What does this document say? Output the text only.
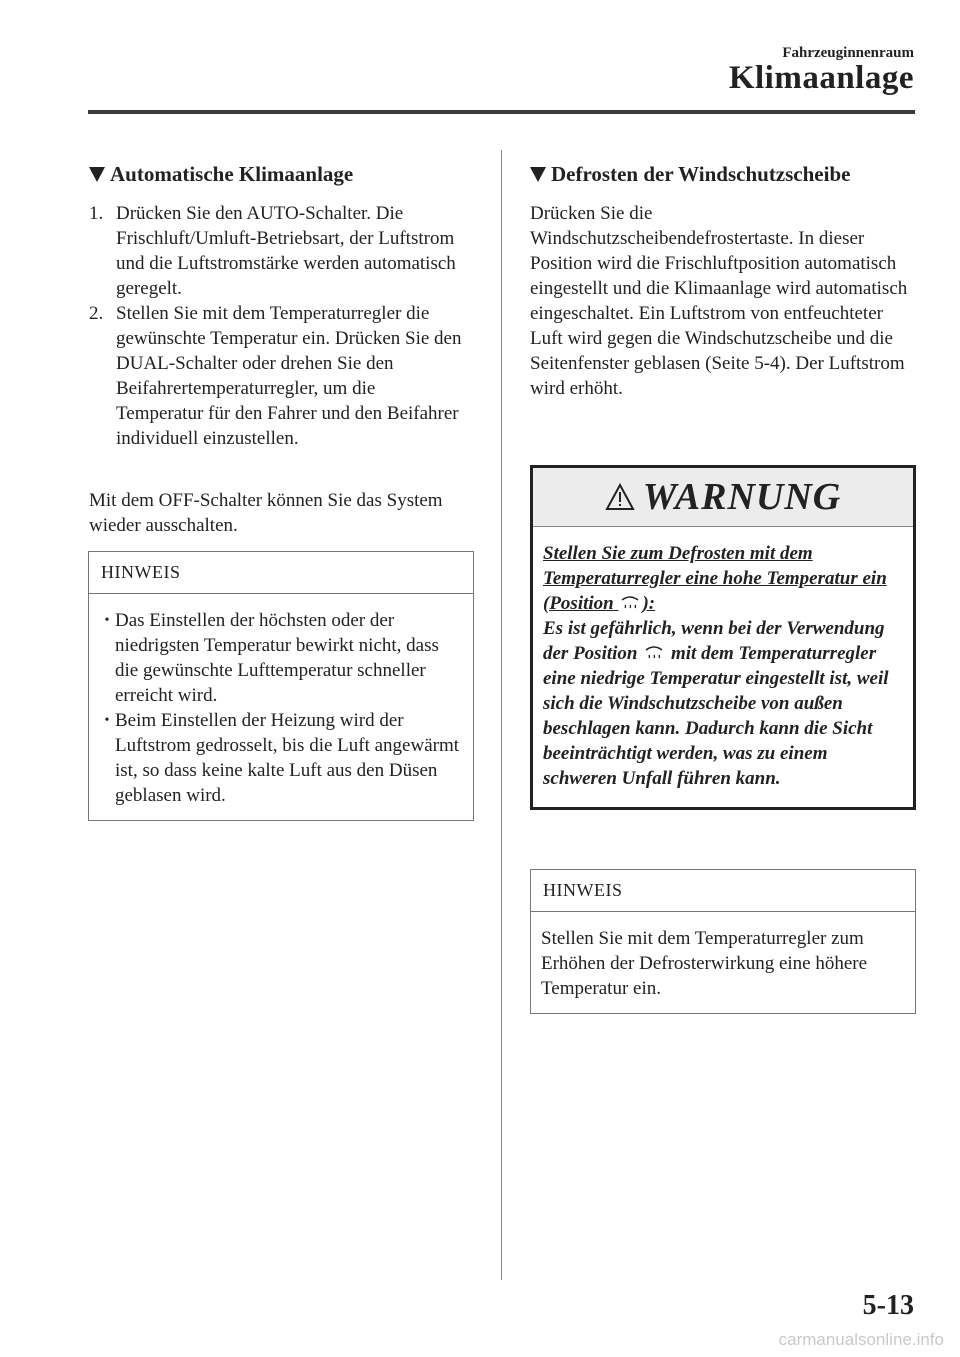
Fahrzeuginnenraum
Klimaanlage
Automatische Klimaanlage
1. Drücken Sie den AUTO-Schalter. Die Frischluft/Umluft-Betriebsart, der Luftstrom und die Luftstromstärke werden automatisch geregelt.
2. Stellen Sie mit dem Temperaturregler die gewünschte Temperatur ein. Drücken Sie den DUAL-Schalter oder drehen Sie den Beifahrertemperaturregler, um die Temperatur für den Fahrer und den Beifahrer individuell einzustellen.
Mit dem OFF-Schalter können Sie das System wieder ausschalten.
HINWEIS
• Das Einstellen der höchsten oder der niedrigsten Temperatur bewirkt nicht, dass die gewünschte Lufttemperatur schneller erreicht wird.
• Beim Einstellen der Heizung wird der Luftstrom gedrosselt, bis die Luft angewärmt ist, so dass keine kalte Luft aus den Düsen geblasen wird.
Defrosten der Windschutzscheibe
Drücken Sie die Windschutzscheibendefrostertaste. In dieser Position wird die Frischluftposition automatisch eingestellt und die Klimaanlage wird automatisch eingeschaltet. Ein Luftstrom von entfeuchteter Luft wird gegen die Windschutzscheibe und die Seitenfenster geblasen (Seite 5-4). Der Luftstrom wird erhöht.
WARNUNG
Stellen Sie zum Defrosten mit dem Temperaturregler eine hohe Temperatur ein (Position ):
Es ist gefährlich, wenn bei der Verwendung der Position mit dem Temperaturregler eine niedrige Temperatur eingestellt ist, weil sich die Windschutzscheibe von außen beschlagen kann. Dadurch kann die Sicht beeinträchtigt werden, was zu einem schweren Unfall führen kann.
HINWEIS
Stellen Sie mit dem Temperaturregler zum Erhöhen der Defrosterwirkung eine höhere Temperatur ein.
5-13
carmanualsonline.info
